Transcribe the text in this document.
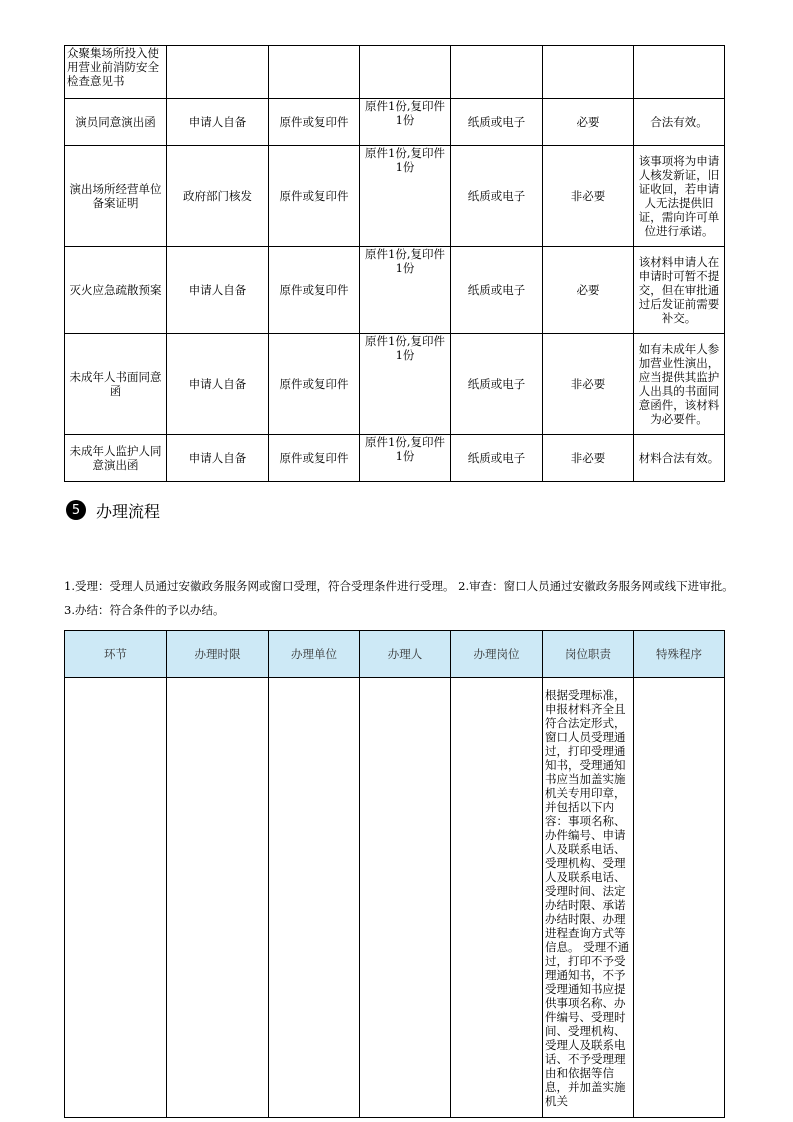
众聚集场所投入使用营业前消防安全检查意见书						
演员同意演出函	申请人自备	原件或复印件	原件1份,复印件1份	纸质或电子	必要	合法有效。
演出场所经营单位备案证明	政府部门核发	原件或复印件	原件1份,复印件1份	纸质或电子	非必要	该事项将为申请人核发新证，旧证收回，若申请人无法提供旧证，需向许可单位进行承诺。
灭火应急疏散预案	申请人自备	原件或复印件	原件1份,复印件1份	纸质或电子	必要	该材料申请人在申请时可暂不提交，但在审批通过后发证前需要补交。
未成年人书面同意函	申请人自备	原件或复印件	原件1份,复印件1份	纸质或电子	非必要	如有未成年人参加营业性演出，应当提供其监护人出具的书面同意函件，该材料为必要件。
未成年人监护人同意演出函	申请人自备	原件或复印件	原件1份,复印件1份	纸质或电子	非必要	材料合法有效。
5 办理流程
1.受理：受理人员通过安徽政务服务网或窗口受理，符合受理条件进行受理。 2.审查：窗口人员通过安徽政务服务网或线下进审批。 3.办结：符合条件的予以办结。
环节	办理时限	办理单位	办理人	办理岗位	岗位职责	特殊程序
					根据受理标准，申报材料齐全且符合法定形式，窗口人员受理通过，打印受理通知书，受理通知书应当加盖实施机关专用印章，并包括以下内容：事项名称、办件编号、申请人及联系电话、受理机构、受理人及联系电话、受理时间、法定办结时限、承诺办结时限、办理进程查询方式等信息。 受理不通过，打印不予受理通知书，不予受理通知书应提供事项名称、办件编号、受理时间、受理机构、受理人及联系电话、不予受理理由和依据等信息，并加盖实施机关	
